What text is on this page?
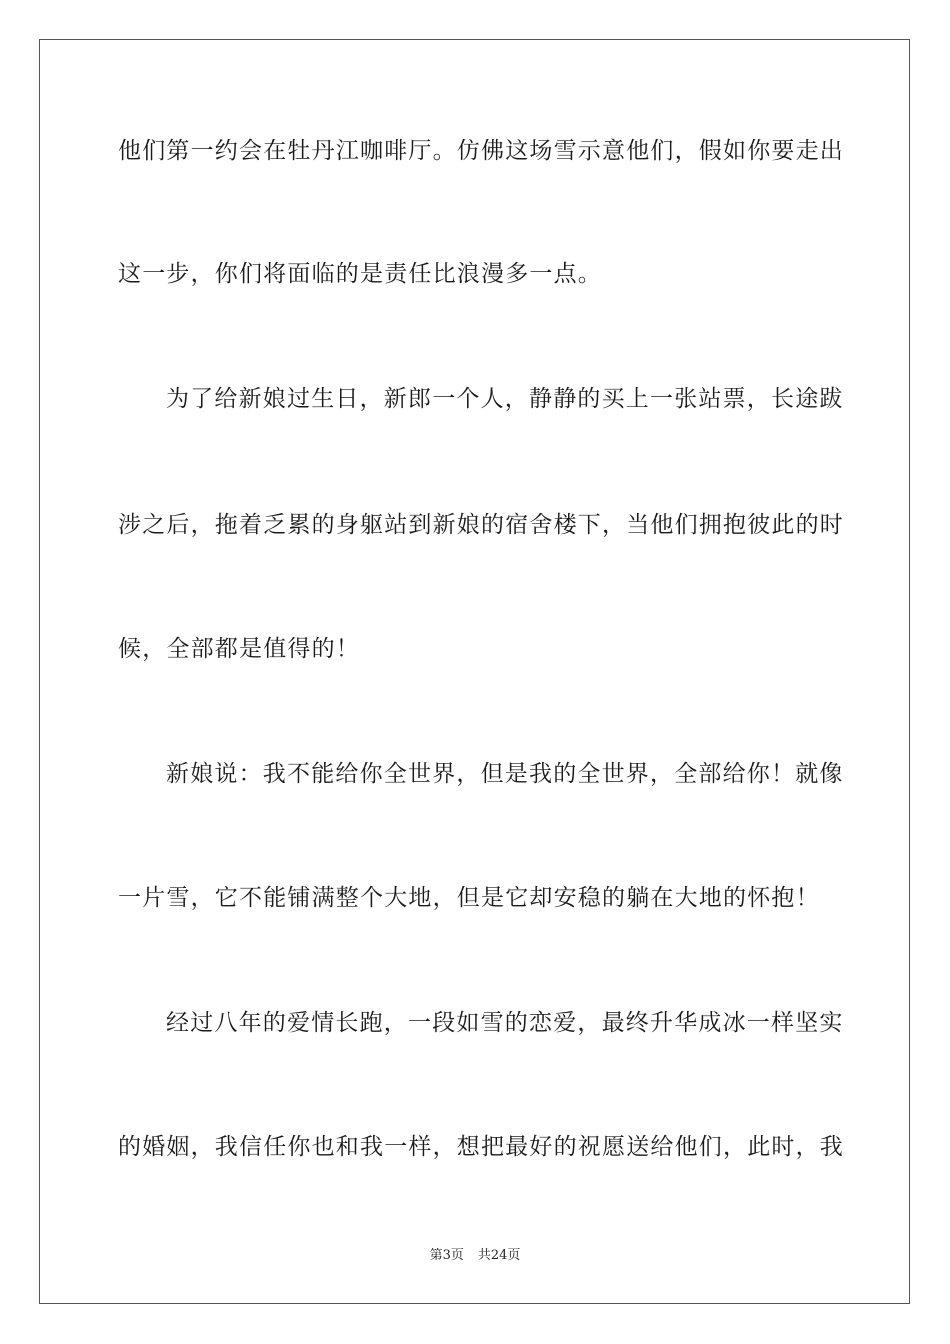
他们第一约会在牡丹江咖啡厅。仿佛这场雪示意他们，假如你要走出
这一步，你们将面临的是责任比浪漫多一点。
为了给新娘过生日，新郎一个人，静静的买上一张站票，长途跋
涉之后，拖着乏累的身躯站到新娘的宿舍楼下，当他们拥抱彼此的时
候，全部都是值得的！
新娘说：我不能给你全世界，但是我的全世界，全部给你！就像
一片雪，它不能铺满整个大地，但是它却安稳的躺在大地的怀抱！
经过八年的爱情长跑，一段如雪的恋爱，最终升华成冰一样坚实
的婚姻，我信任你也和我一样，想把最好的祝愿送给他们，此时，我
第3页 共24页
